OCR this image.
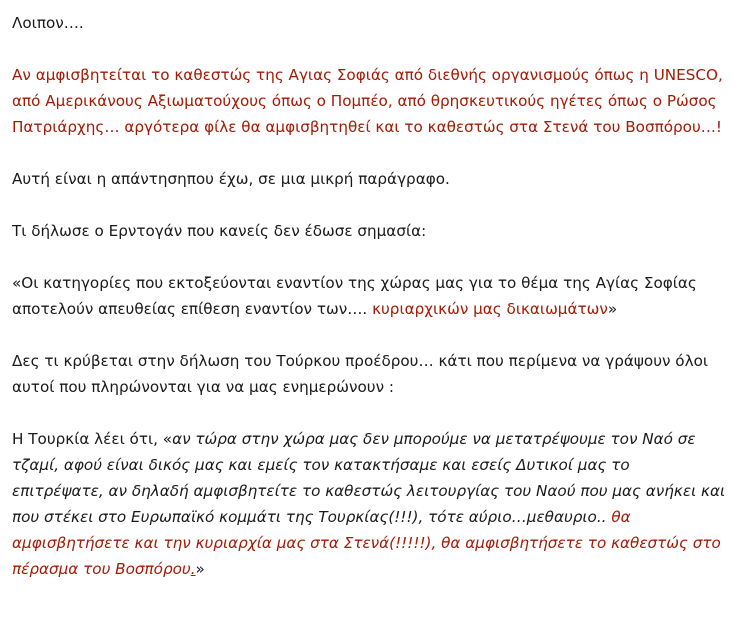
Λοιπον….

Αν αμφισβητείται το καθεστώς της Αγιας Σοφιάς από διεθνής οργανισμούς όπως η UNESCO, από Αμερικάνους Αξιωματούχους όπως ο Πομπέο, από θρησκευτικούς ηγέτες όπως ο Ρώσος Πατριάρχης… αργότερα φίλε θα αμφισβητηθεί και το καθεστώς στα Στενά του Βοσπόρου…!

Αυτή είναι η απάντησηπου έχω, σε μια μικρή παράγραφο.

Τι δήλωσε ο Ερντογάν που κανείς δεν έδωσε σημασία:

«Οι κατηγορίες που εκτοξεύονται εναντίον της χώρας μας για το θέμα της Αγίας Σοφίας αποτελούν απευθείας επίθεση εναντίον των…. κυριαρχικών μας δικαιωμάτων»

Δες τι κρύβεται στην δήλωση του Τούρκου προέδρου… κάτι που περίμενα να γράψουν όλοι αυτοί που πληρώνονται για να μας ενημερώνουν :

Η Τουρκία λέει ότι, «αν τώρα στην χώρα μας δεν μπορούμε να μετατρέψουμε τον Ναό σε τζαμί, αφού είναι δικός μας και εμείς τον κατακτήσαμε και εσείς Δυτικοί μας το επιτρέψατε, αν δηλαδή αμφισβητείτε το καθεστώς λειτουργίας του Ναού που μας ανήκει και που στέκει στο Ευρωπαϊκό κομμάτι της Τουρκίας(!!!), τότε αύριο…μεθαυριο.. θα αμφισβητήσετε και την κυριαρχία μας στα Στενά(!!!!!), θα αμφισβητήσετε το καθεστώς στο πέρασμα του Βοσπόρου.»
